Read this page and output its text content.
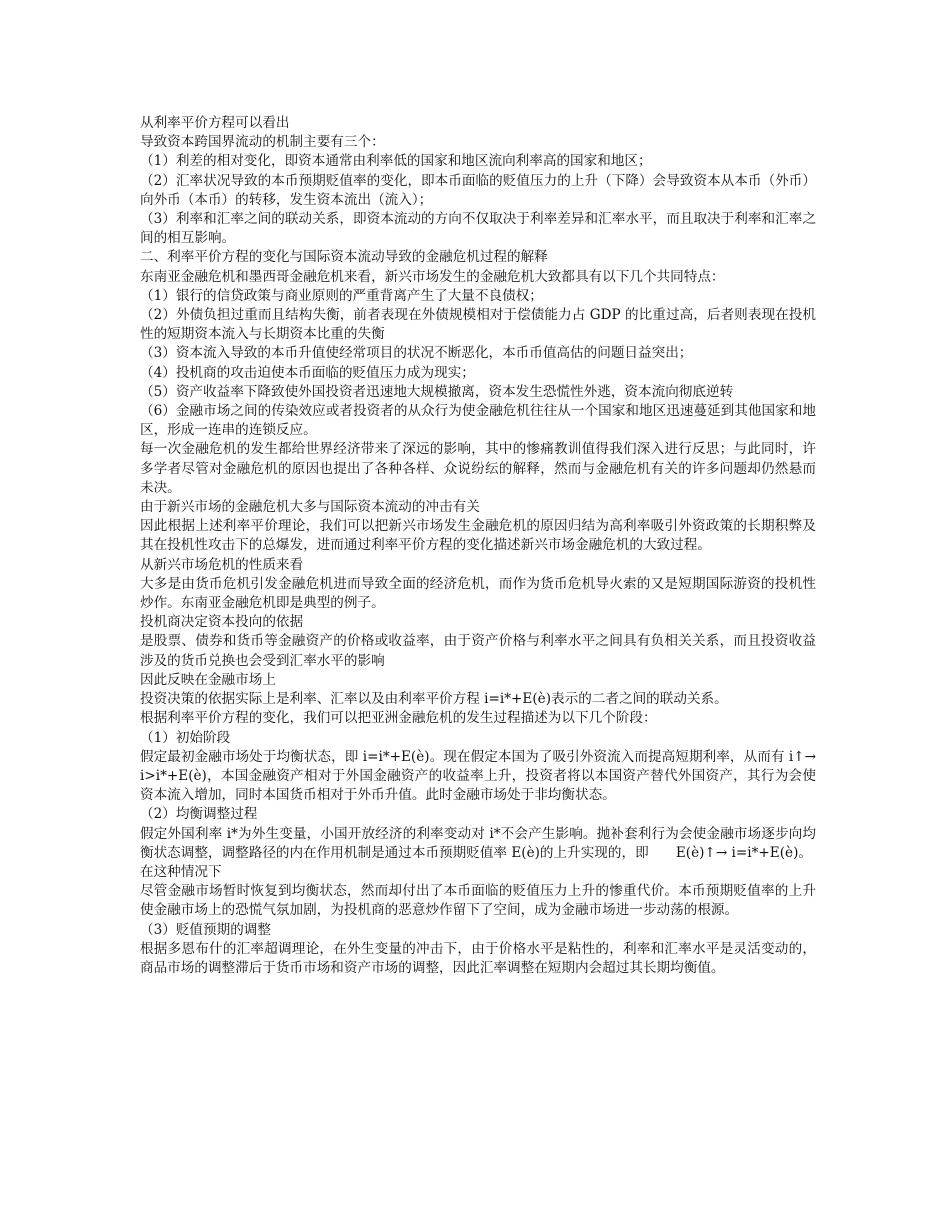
从利率平价方程可以看出

导致资本跨国界流动的机制主要有三个：

（1）利差的相对变化，即资本通常由利率低的国家和地区流向利率高的国家和地区；

（2）汇率状况导致的本币预期贬值率的变化，即本币面临的贬值压力的上升（下降）会导致资本从本币（外币）向外币（本币）的转移，发生资本流出（流入）；

（3）利率和汇率之间的联动关系，即资本流动的方向不仅取决于利率差异和汇率水平，而且取决于利率和汇率之间的相互影响。

二、利率平价方程的变化与国际资本流动导致的金融危机过程的解释

东南亚金融危机和墨西哥金融危机来看，新兴市场发生的金融危机大致都具有以下几个共同特点：

（1）银行的信贷政策与商业原则的严重背离产生了大量不良债权；

（2）外债负担过重而且结构失衡，前者表现在外债规模相对于偿债能力占 GDP 的比重过高，后者则表现在投机性的短期资本流入与长期资本比重的失衡

（3）资本流入导致的本币升值使经常项目的状况不断恶化，本币币值高估的问题日益突出；

（4）投机商的攻击迫使本币面临的贬值压力成为现实；

（5）资产收益率下降致使外国投资者迅速地大规模撤离，资本发生恐慌性外逃，资本流向彻底逆转

（6）金融市场之间的传染效应或者投资者的从众行为使金融危机往往从一个国家和地区迅速蔓延到其他国家和地区，形成一连串的连锁反应。

每一次金融危机的发生都给世界经济带来了深远的影响，其中的惨痛教训值得我们深入进行反思；与此同时，许多学者尽管对金融危机的原因也提出了各种各样、众说纷纭的解释，然而与金融危机有关的许多问题却仍然悬而未决。

由于新兴市场的金融危机大多与国际资本流动的冲击有关

因此根据上述利率平价理论，我们可以把新兴市场发生金融危机的原因归结为高利率吸引外资政策的长期积弊及其在投机性攻击下的总爆发，进而通过利率平价方程的变化描述新兴市场金融危机的大致过程。

从新兴市场危机的性质来看

大多是由货币危机引发金融危机进而导致全面的经济危机，而作为货币危机导火索的又是短期国际游资的投机性炒作。东南亚金融危机即是典型的例子。

投机商决定资本投向的依据

是股票、债券和货币等金融资产的价格或收益率，由于资产价格与利率水平之间具有负相关关系，而且投资收益涉及的货币兑换也会受到汇率水平的影响

因此反映在金融市场上

投资决策的依据实际上是利率、汇率以及由利率平价方程 i=i*+E(è)表示的二者之间的联动关系。

根据利率平价方程的变化，我们可以把亚洲金融危机的发生过程描述为以下几个阶段：

（1）初始阶段

假定最初金融市场处于均衡状态，即 i=i*+E(è)。现在假定本国为了吸引外资流入而提高短期利率，从而有 i↑→ i>i*+E(è)，本国金融资产相对于外国金融资产的收益率上升，投资者将以本国资产替代外国资产，其行为会使资本流入增加，同时本国货币相对于外币升值。此时金融市场处于非均衡状态。

（2）均衡调整过程

假定外国利率 i*为外生变量，小国开放经济的利率变动对 i*不会产生影响。抛补套利行为会使金融市场逐步向均衡状态调整，调整路径的内在作用机制是通过本币预期贬值率 E(è)的上升实现的，即　　E(è)↑→ i=i*+E(è)。

在这种情况下

尽管金融市场暂时恢复到均衡状态，然而却付出了本币面临的贬值压力上升的惨重代价。本币预期贬值率的上升使金融市场上的恐慌气氛加剧，为投机商的恶意炒作留下了空间，成为金融市场进一步动荡的根源。

（3）贬值预期的调整

根据多恩布什的汇率超调理论，在外生变量的冲击下，由于价格水平是粘性的，利率和汇率水平是灵活变动的，商品市场的调整滞后于货币市场和资产市场的调整，因此汇率调整在短期内会超过其长期均衡值。
